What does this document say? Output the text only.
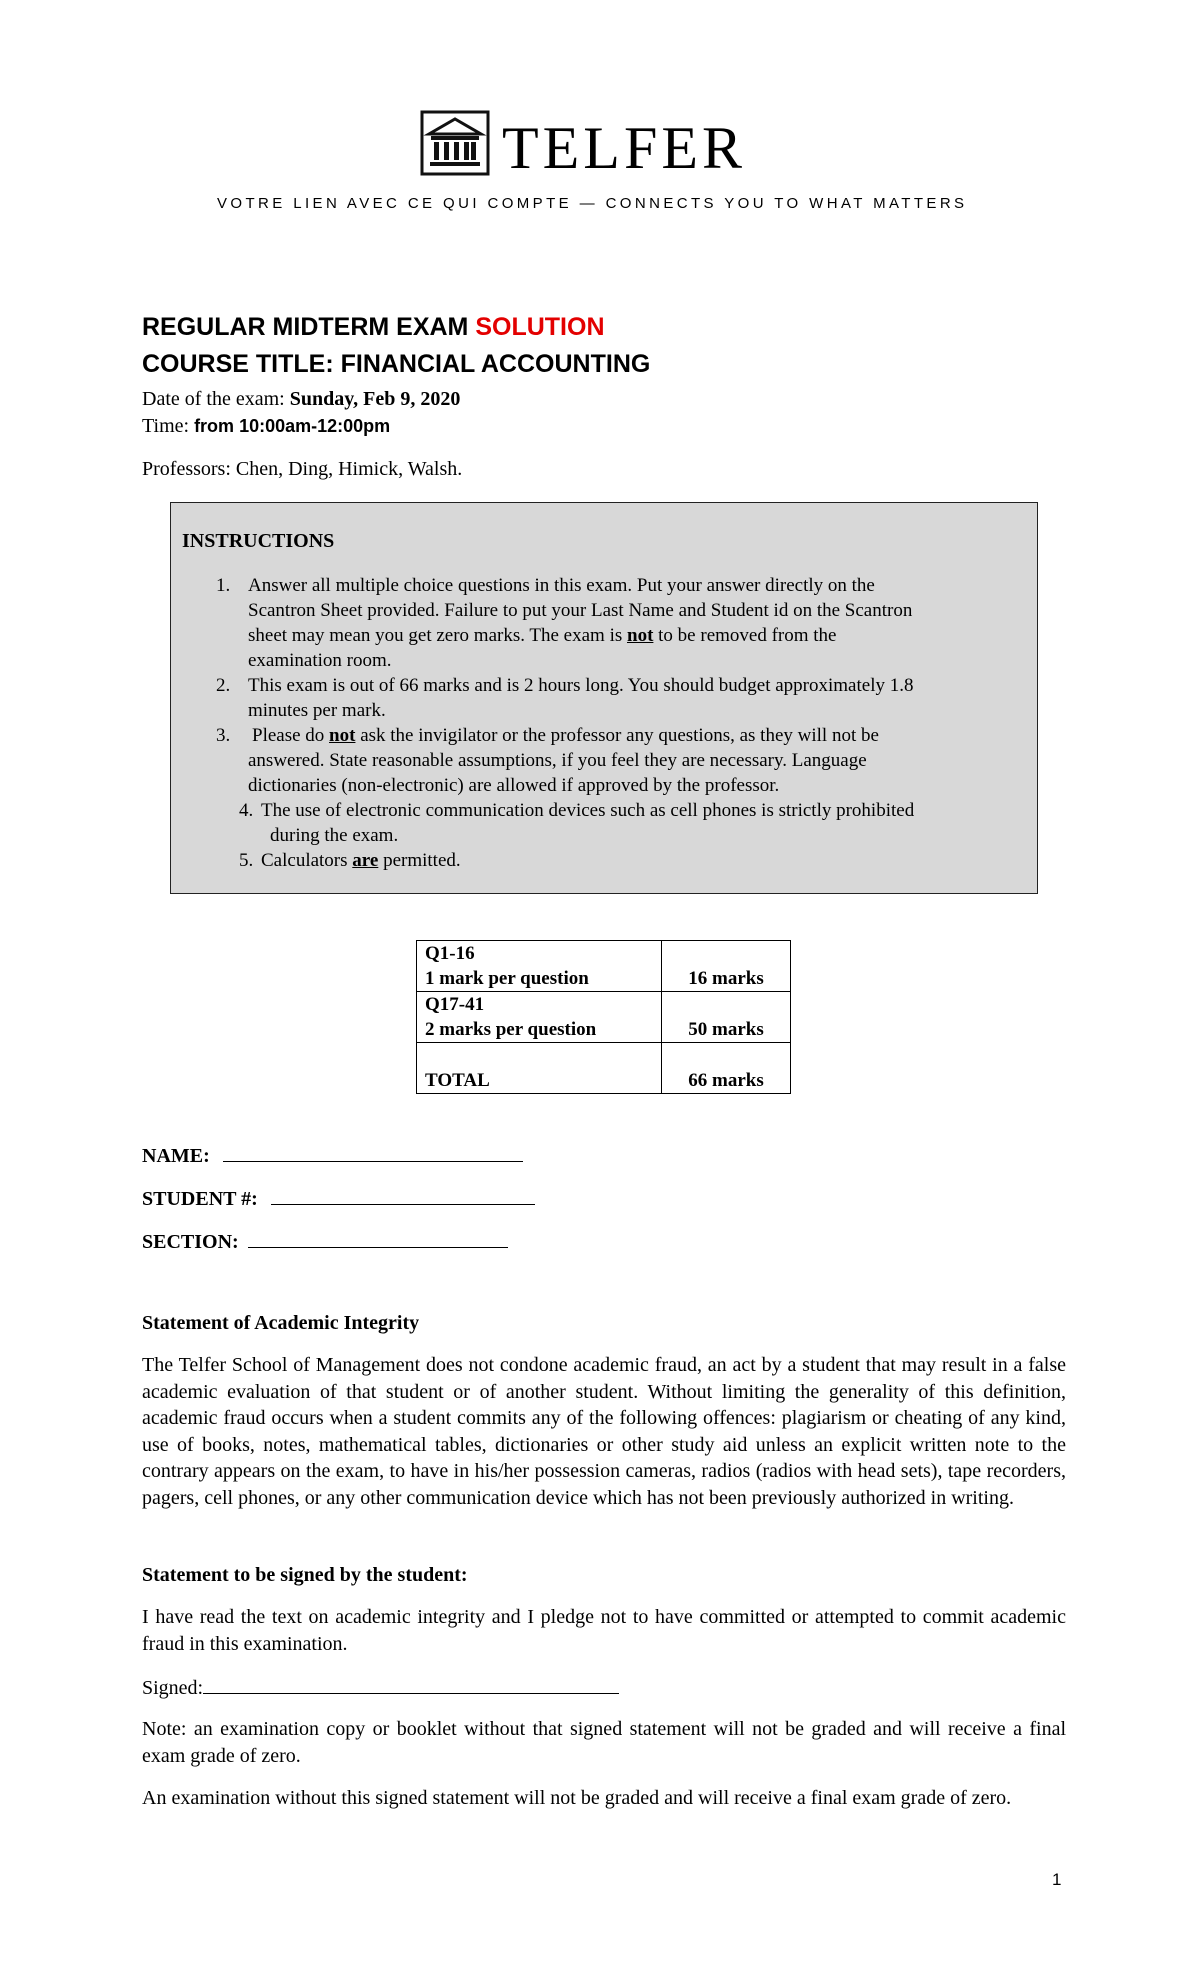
TELFER
VOTRE LIEN AVEC CE QUI COMPTE — CONNECTS YOU TO WHAT MATTERS
REGULAR MIDTERM EXAM SOLUTION
COURSE TITLE: FINANCIAL ACCOUNTING
Date of the exam: Sunday, Feb 9, 2020
Time: from 10:00am-12:00pm
Professors: Chen, Ding, Himick, Walsh.
INSTRUCTIONS
1. Answer all multiple choice questions in this exam. Put your answer directly on the
Scantron Sheet provided. Failure to put your Last Name and Student id on the Scantron
sheet may mean you get zero marks. The exam is not to be removed from the
examination room.
2. This exam is out of 66 marks and is 2 hours long. You should budget approximately 1.8
minutes per mark.
3. Please do not ask the invigilator or the professor any questions, as they will not be
answered. State reasonable assumptions, if you feel they are necessary. Language
dictionaries (non-electronic) are allowed if approved by the professor.
4. The use of electronic communication devices such as cell phones is strictly prohibited
during the exam.
5. Calculators are permitted.
Q1-16
1 mark per question	16 marks

Q17-41
2 marks per question	50 marks

TOTAL	66 marks
NAME:
STUDENT #:
SECTION:
Statement of Academic Integrity
The Telfer School of Management does not condone academic fraud, an act by a student that may result in a false academic evaluation of that student or of another student. Without limiting the generality of this definition, academic fraud occurs when a student commits any of the following offences: plagiarism or cheating of any kind, use of books, notes, mathematical tables, dictionaries or other study aid unless an explicit written note to the contrary appears on the exam, to have in his/her possession cameras, radios (radios with head sets), tape recorders, pagers, cell phones, or any other communication device which has not been previously authorized in writing.
Statement to be signed by the student:
I have read the text on academic integrity and I pledge not to have committed or attempted to commit academic fraud in this examination.
Signed:
Note: an examination copy or booklet without that signed statement will not be graded and will receive a final exam grade of zero.
An examination without this signed statement will not be graded and will receive a final exam grade of zero.
1
